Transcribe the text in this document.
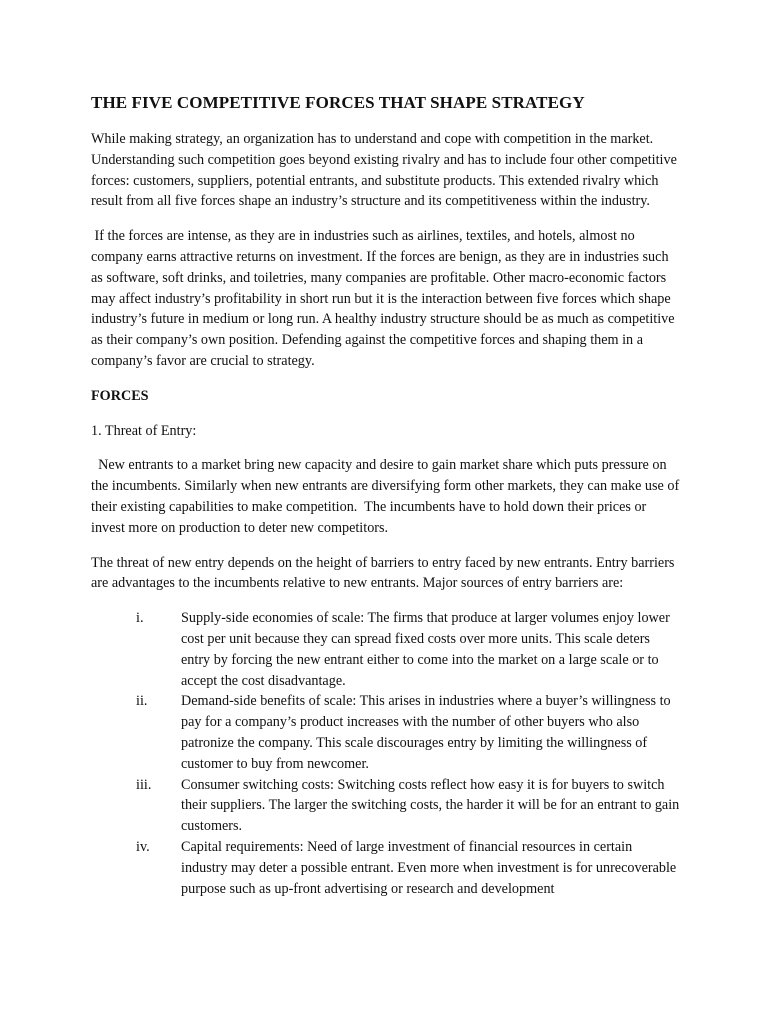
THE FIVE COMPETITIVE FORCES THAT SHAPE STRATEGY
While making strategy, an organization has to understand and cope with competition in the market. Understanding such competition goes beyond existing rivalry and has to include four other competitive forces: customers, suppliers, potential entrants, and substitute products. This extended rivalry which result from all five forces shape an industry’s structure and its competitiveness within the industry.
If the forces are intense, as they are in industries such as airlines, textiles, and hotels, almost no company earns attractive returns on investment. If the forces are benign, as they are in industries such as software, soft drinks, and toiletries, many companies are profitable. Other macro-economic factors may affect industry’s profitability in short run but it is the interaction between five forces which shape industry’s future in medium or long run. A healthy industry structure should be as much as competitive as their company’s own position. Defending against the competitive forces and shaping them in a company’s favor are crucial to strategy.
FORCES
1. Threat of Entry:
New entrants to a market bring new capacity and desire to gain market share which puts pressure on the incumbents. Similarly when new entrants are diversifying form other markets, they can make use of their existing capabilities to make competition.  The incumbents have to hold down their prices or invest more on production to deter new competitors.
The threat of new entry depends on the height of barriers to entry faced by new entrants. Entry barriers are advantages to the incumbents relative to new entrants. Major sources of entry barriers are:
i.	Supply-side economies of scale: The firms that produce at larger volumes enjoy lower cost per unit because they can spread fixed costs over more units. This scale deters entry by forcing the new entrant either to come into the market on a large scale or to accept the cost disadvantage.
ii.	Demand-side benefits of scale: This arises in industries where a buyer’s willingness to pay for a company’s product increases with the number of other buyers who also patronize the company. This scale discourages entry by limiting the willingness of customer to buy from newcomer.
iii.	Consumer switching costs: Switching costs reflect how easy it is for buyers to switch their suppliers. The larger the switching costs, the harder it will be for an entrant to gain customers.
iv.	Capital requirements: Need of large investment of financial resources in certain industry may deter a possible entrant. Even more when investment is for unrecoverable purpose such as up-front advertising or research and development
